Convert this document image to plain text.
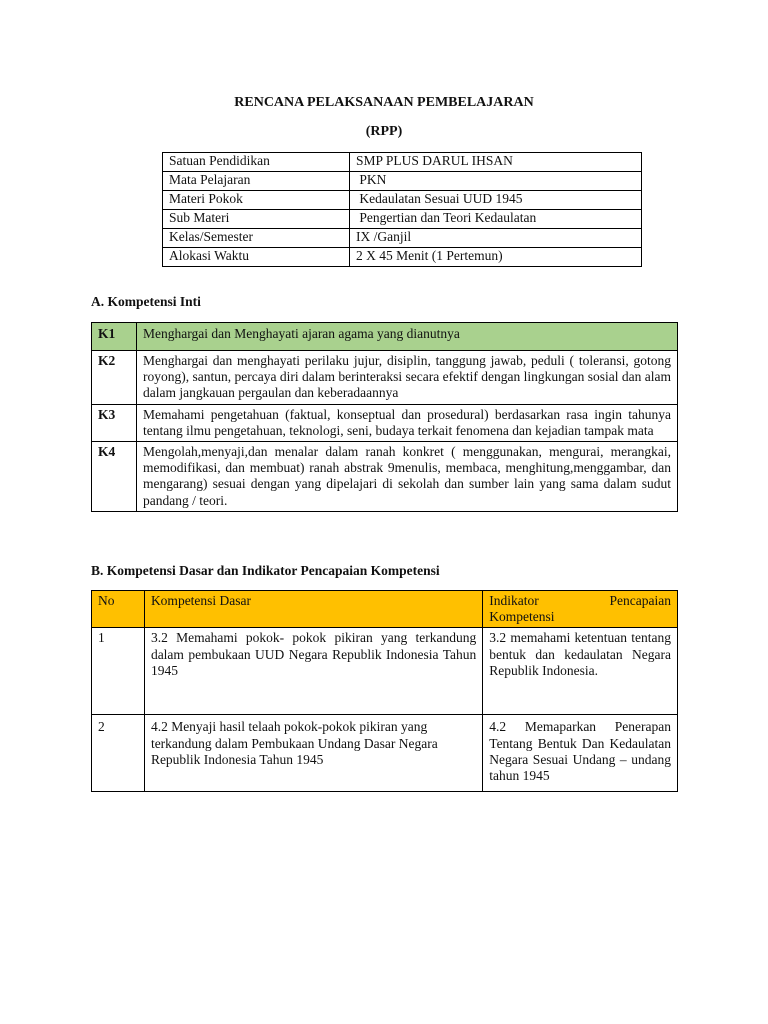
RENCANA PELAKSANAAN PEMBELAJARAN
(RPP)
Satuan Pendidikan	SMP PLUS DARUL IHSAN
Mata Pelajaran	PKN
Materi Pokok	Kedaulatan Sesuai UUD 1945
Sub Materi	Pengertian dan Teori Kedaulatan
Kelas/Semester	IX /Ganjil
Alokasi Waktu	2 X 45 Menit (1 Pertemun)
A. Kompetensi Inti
K1	Menghargai dan Menghayati ajaran agama yang dianutnya
K2	Menghargai dan menghayati perilaku jujur, disiplin, tanggung jawab, peduli ( toleransi, gotong royong), santun, percaya diri dalam berinteraksi secara efektif dengan lingkungan sosial dan alam dalam jangkauan pergaulan dan keberadaannya
K3	Memahami pengetahuan (faktual, konseptual dan prosedural) berdasarkan rasa ingin tahunya tentang ilmu pengetahuan, teknologi, seni, budaya terkait fenomena dan kejadian tampak mata
K4	Mengolah,menyaji,dan menalar dalam ranah konkret ( menggunakan, mengurai, merangkai, memodifikasi, dan membuat) ranah abstrak 9menulis, membaca, menghitung,menggambar, dan mengarang) sesuai dengan yang dipelajari di sekolah dan sumber lain yang sama dalam sudut pandang / teori.
B. Kompetensi Dasar dan Indikator Pencapaian Kompetensi
No	Kompetensi Dasar	Indikator Pencapaian Kompetensi
1	3.2 Memahami pokok- pokok pikiran yang terkandung dalam pembukaan UUD Negara Republik Indonesia Tahun 1945	3.2 memahami ketentuan tentang bentuk dan kedaulatan Negara Republik Indonesia.
2	4.2 Menyaji hasil telaah pokok-pokok pikiran yang terkandung dalam Pembukaan Undang Dasar Negara Republik Indonesia Tahun 1945	4.2 Memaparkan Penerapan Tentang Bentuk Dan Kedaulatan Negara Sesuai Undang – undang tahun 1945
